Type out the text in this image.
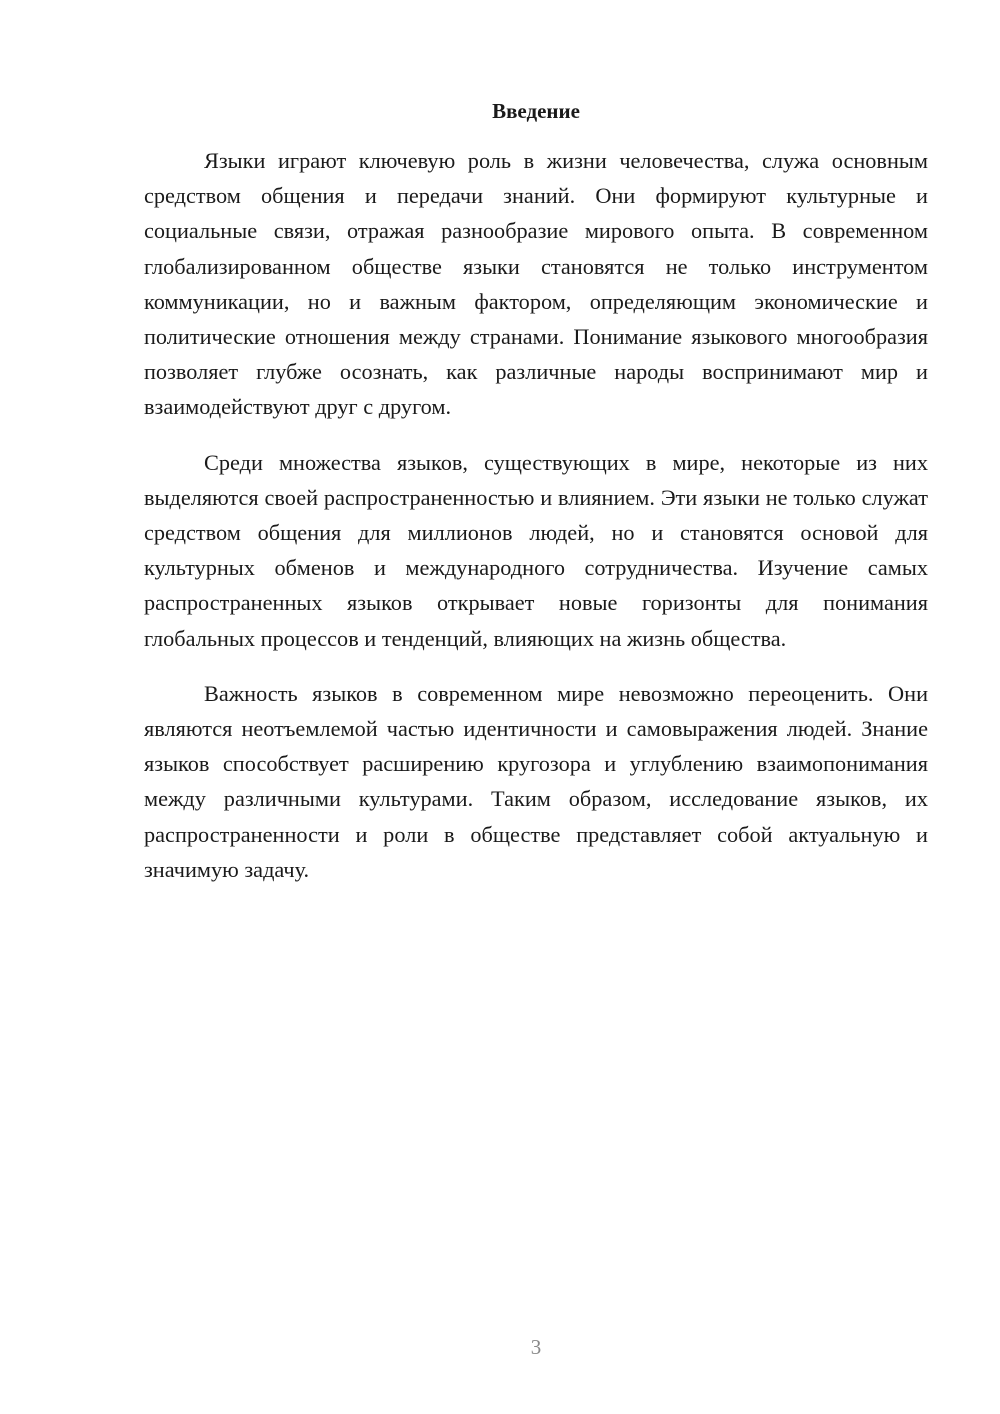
Введение

Языки играют ключевую роль в жизни человечества, служа основным средством общения и передачи знаний. Они формируют культурные и социальные связи, отражая разнообразие мирового опыта. В современном глобализированном обществе языки становятся не только инструментом коммуникации, но и важным фактором, определяющим экономические и политические отношения между странами. Понимание языкового многообразия позволяет глубже осознать, как различные народы воспринимают мир и взаимодействуют друг с другом.

Среди множества языков, существующих в мире, некоторые из них выделяются своей распространенностью и влиянием. Эти языки не только служат средством общения для миллионов людей, но и становятся основой для культурных обменов и международного сотрудничества. Изучение самых распространенных языков открывает новые горизонты для понимания глобальных процессов и тенденций, влияющих на жизнь общества.

Важность языков в современном мире невозможно переоценить. Они являются неотъемлемой частью идентичности и самовыражения людей. Знание языков способствует расширению кругозора и углублению взаимопонимания между различными культурами. Таким образом, исследование языков, их распространенности и роли в обществе представляет собой актуальную и значимую задачу.

3
